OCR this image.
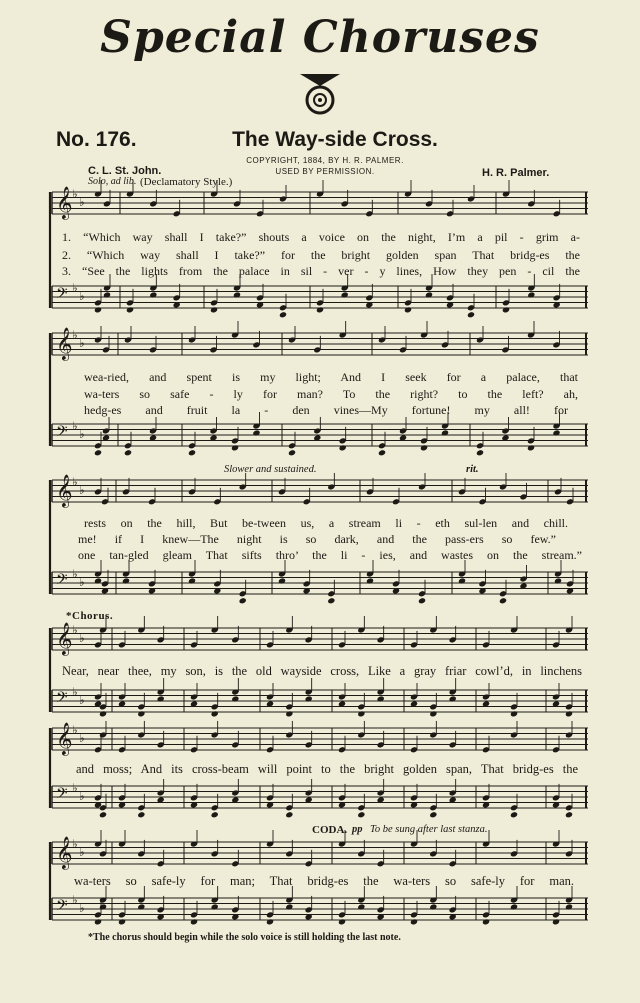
Special Choruses
No. 176.	The Way-side Cross.
COPYRIGHT, 1884, BY H. R. PALMER.
USED BY PERMISSION.
C. L. St. John.	H. R. Palmer.
Solo, ad lib. (Declamatory Style.)
𝄞 ♭
♭
𝄢 ♭
♭
𝄞 ♭
♭
𝄢 ♭
♭
𝄞 ♭
♭
𝄢 ♭
♭
𝄞 ♭
♭
𝄢 ♭
♭
𝄞 ♭
♭
𝄢 ♭
♭
𝄞 ♭
♭
𝄢 ♭
♭
1. “Which way shall I take?” shouts a voice on the night, I’m a pil - grim a-
2. “Which way shall I take?” for the bright golden span That bridg-es the
3. “See the lights from the palace in sil - ver - y lines, How they pen - cil the
wea-ried, and spent is my light; And I seek for a palace, that
wa-ters so safe - ly for man? To the right? to the left? ah,
hedg-es and fruit la - den vines—My fortune! my all! for
Slower and sustained.	rit.
rests on the hill, But be-tween us, a stream li - eth sul-len and chill.
me! if I knew—The night is so dark, and the pass-ers so few.”
one tan-gled gleam That sifts thro’ the li - ies, and wastes on the stream.”
*Chorus.
Near, near thee, my son, is the old wayside cross, Like a gray friar cowl’d, in linchens
and moss; And its cross-beam will point to the bright golden span, That bridg-es the
CODA. pp To be sung after last stanza.
wa-ters so safe-ly for man; That bridg-es the wa-ters so safe-ly for man.
*The chorus should begin while the solo voice is still holding the last note.
